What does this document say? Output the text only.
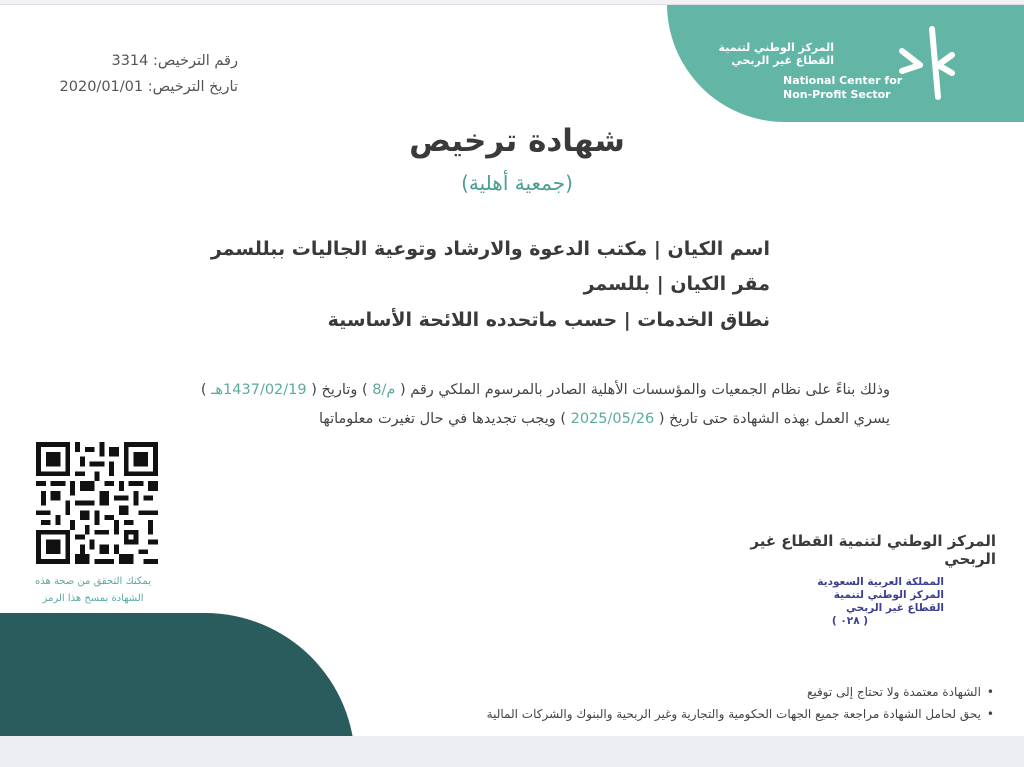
المركز الوطني لتنمية
القطاع غير الربحي
National Center for
Non-Profit Sector
رقم الترخيص: 3314
تاريخ الترخيص: 2020/01/01
شهادة ترخيص
(جمعية أهلية)
اسم الكيان | مكتب الدعوة والارشاد وتوعية الجاليات ببللسمر
مقر الكيان | بللسمر
نطاق الخدمات | حسب ماتحدده اللائحة الأساسية
وذلك بناءً على نظام الجمعيات والمؤسسات الأهلية الصادر بالمرسوم الملكي رقم ( م/8 ) وتاريخ ( 1437/02/19هـ )
يسري العمل بهذه الشهادة حتى تاريخ ( 2025/05/26 ) ويجب تجديدها في حال تغيرت معلوماتها
يمكنك التحقق من صحة هذه
الشهادة بمسح هذا الرمز
المركز الوطني لتنمية القطاع غير الربحي
المملكة العربية السعودية
المركز الوطني لتنمية
القطاع غير الربحي
( ٠٢٨ )
•الشهادة معتمدة ولا تحتاج إلى توقيع
•يحق لحامل الشهادة مراجعة جميع الجهات الحكومية والتجارية وغير الربحية والبنوك والشركات المالية
